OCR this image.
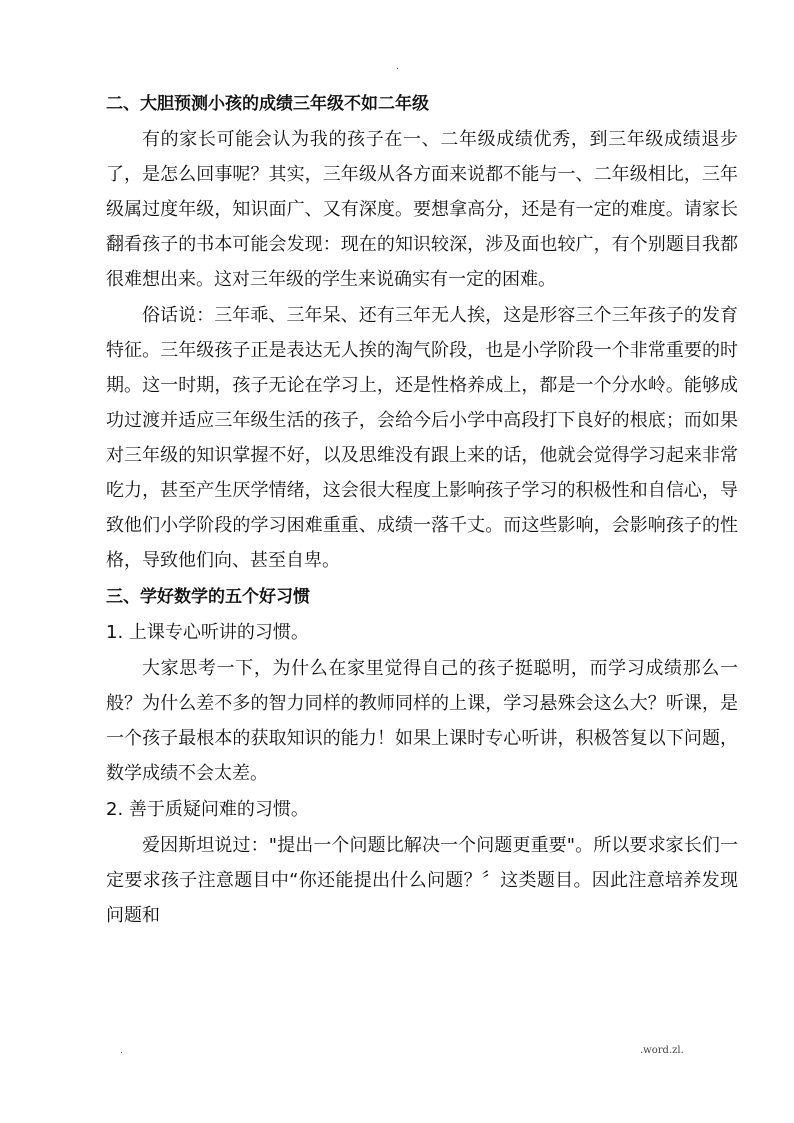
.
二、大胆预测小孩的成绩三年级不如二年级

有的家长可能会认为我的孩子在一、二年级成绩优秀，到三年级成绩退步了，是怎么回事呢？其实，三年级从各方面来说都不能与一、二年级相比，三年级属过度年级，知识面广、又有深度。要想拿高分，还是有一定的难度。请家长翻看孩子的书本可能会发现：现在的知识较深，涉及面也较广，有个别题目我都很难想出来。这对三年级的学生来说确实有一定的困难。

俗话说：三年乖、三年呆、还有三年无人挨，这是形容三个三年孩子的发育特征。三年级孩子正是表达无人挨的淘气阶段，也是小学阶段一个非常重要的时期。这一时期，孩子无论在学习上，还是性格养成上，都是一个分水岭。能够成功过渡并适应三年级生活的孩子，会给今后小学中高段打下良好的根底；而如果对三年级的知识掌握不好，以及思维没有跟上来的话，他就会觉得学习起来非常吃力，甚至产生厌学情绪，这会很大程度上影响孩子学习的积极性和自信心，导致他们小学阶段的学习困难重重、成绩一落千丈。而这些影响，会影响孩子的性格，导致他们向、甚至自卑。

三、学好数学的五个好习惯
1. 上课专心听讲的习惯。

大家思考一下，为什么在家里觉得自己的孩子挺聪明，而学习成绩那么一般？为什么差不多的智力同样的教师同样的上课，学习悬殊会这么大？听课，是一个孩子最根本的获取知识的能力！如果上课时专心听讲，积极答复以下问题，数学成绩不会太差。

2. 善于质疑问难的习惯。

爱因斯坦说过："提出一个问题比解决一个问题更重要"。所以要求家长们一定要求孩子注意题目中“你还能提出什么问题？〞这类题目。因此注意培养发现问题和

.	.word.zl.
